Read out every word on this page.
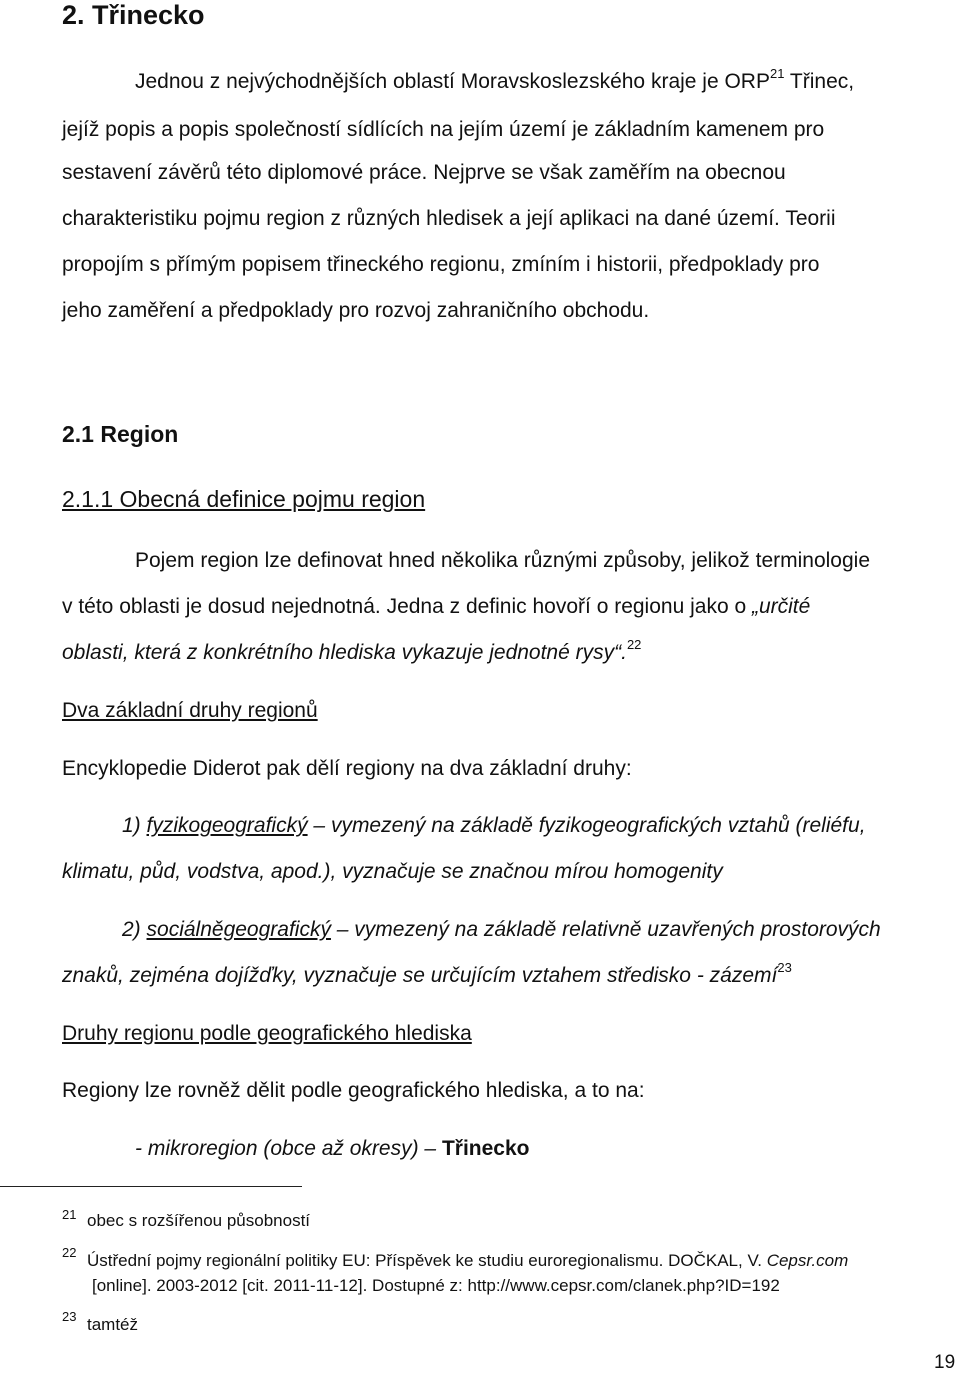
2. Třinecko
Jednou z nejvýchodnějších oblastí Moravskoslezského kraje je ORP$^{21}$ Třinec,
jejíž popis a popis společností sídlících na jejím území je základním kamenem pro
sestavení závěrů této diplomové práce. Nejprve se však zaměřím na obecnou
charakteristiku pojmu region z různých hledisek a její aplikaci na dané území. Teorii
propojím s přímým popisem třineckého regionu, zmíním i historii, předpoklady pro
jeho zaměření a předpoklady pro rozvoj zahraničního obchodu.
2.1 Region
2.1.1 Obecná definice pojmu region
Pojem region lze definovat hned několika různými způsoby, jelikož terminologie
v této oblasti je dosud nejednotná. Jedna z definic hovoří o regionu jako o „určité
oblasti, která z konkrétního hlediska vykazuje jednotné rysy“.$^{22}$
Dva základní druhy regionů
Encyklopedie Diderot pak dělí regiony na dva základní druhy:
1) fyzikogeografický – vymezený na základě fyzikogeografických vztahů (reliéfu,
klimatu, půd, vodstva, apod.), vyznačuje se značnou mírou homogenity
2) sociálněgeografický – vymezený na základě relativně uzavřených prostorových
znaků, zejména dojížďky, vyznačuje se určujícím vztahem středisko - zázemí$^{23}$
Druhy regionu podle geografického hlediska
Regiony lze rovněž dělit podle geografického hlediska, a to na:
- mikroregion (obce až okresy) – Třinecko
21 obec s rozšířenou působností
22 Ústřední pojmy regionální politiky EU: Příspěvek ke studiu euroregionalismu. DOČKAL, V. Cepsr.com
[online]. 2003-2012 [cit. 2011-11-12]. Dostupné z: http://www.cepsr.com/clanek.php?ID=192
23 tamtéž
19
